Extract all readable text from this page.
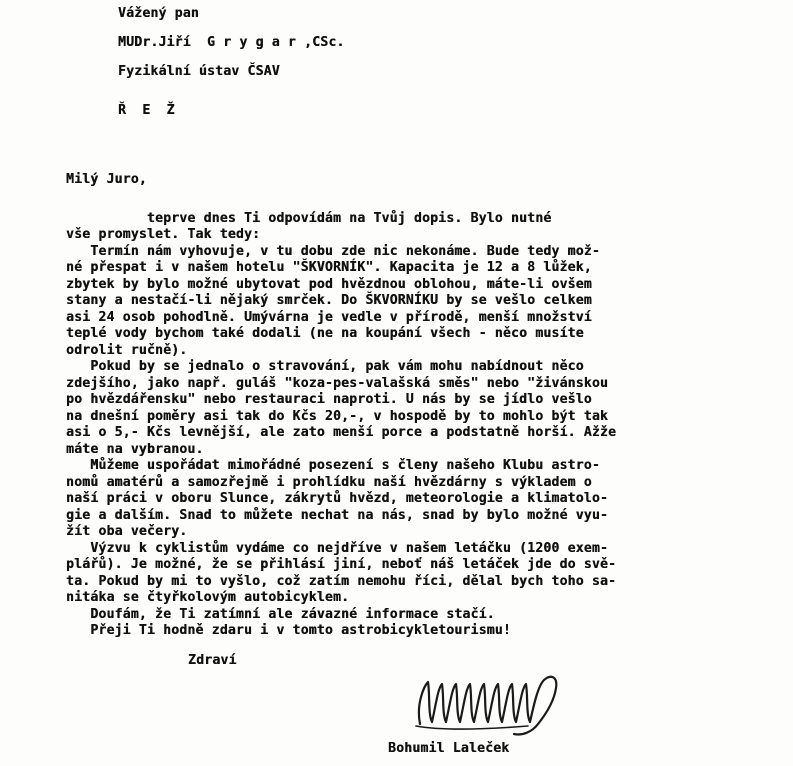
Vážený pan
MUDr.Jiří  G r y g a r ,CSc.
Fyzikální ústav ČSAV
Ř  E  Ž
Milý Juro,
teprve dnes Ti odpovídám na Tvůj dopis. Bylo nutné
vše promyslet. Tak tedy:
Termín nám vyhovuje, v tu dobu zde nic nekonáme. Bude tedy mož-
né přespat i v našem hotelu "ŠKVORNÍK". Kapacita je 12 a 8 lůžek,
zbytek by bylo možné ubytovat pod hvězdnou oblohou, máte-li ovšem
stany a nestačí-li nějaký smrček. Do ŠKVORNÍKU by se vešlo celkem
asi 24 osob pohodlně. Umývárna je vedle v přírodě, menší množství
teplé vody bychom také dodali (ne na koupání všech - něco musíte
odrolit ručně).
Pokud by se jednalo o stravování, pak vám mohu nabídnout něco
zdejšího, jako např. guláš "koza-pes-valašská směs" nebo "živánskou
po hvězdářensku" nebo restauraci naproti. U nás by se jídlo vešlo
na dnešní poměry asi tak do Kčs 20,-, v hospodě by to mohlo být tak
asi o 5,- Kčs levnější, ale zato menší porce a podstatně horší. Ažže
máte na vybranou.
Můžeme uspořádat mimořádné posezení s členy našeho Klubu astro-
nomů amatérů a samozřejmě i prohlídku naší hvězdárny s výkladem o
naší práci v oboru Slunce, zákrytů hvězd, meteorologie a klimatolo-
gie a dalším. Snad to můžete nechat na nás, snad by bylo možné vyu-
žít oba večery.
Výzvu k cyklistům vydáme co nejdříve v našem letáčku (1200 exem-
plářů). Je možné, že se přihlásí jiní, neboť náš letáček jde do svě-
ta. Pokud by mi to vyšlo, což zatím nemohu říci, dělal bych toho sa-
nitáka se čtyřkolovým autobicyklem.
Doufám, že Ti zatímní ale závazné informace stačí.
Přeji Ti hodně zdaru i v tomto astrobicykletourismu!
Zdraví
Bohumil Laleček
